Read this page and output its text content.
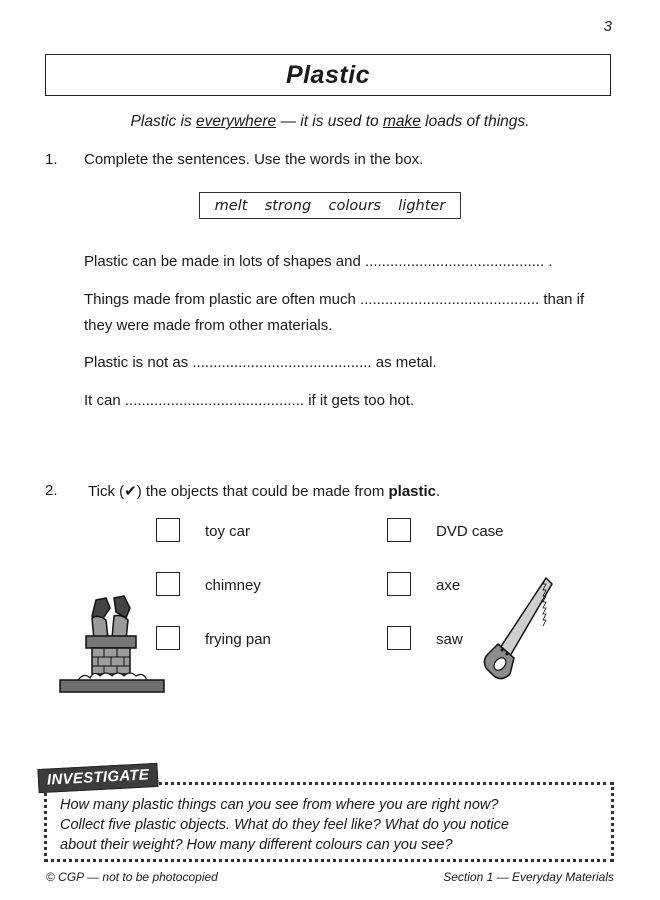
3
Plastic
Plastic is everywhere — it is used to make loads of things.
1. Complete the sentences. Use the words in the box.
melt strong colours lighter
Plastic can be made in lots of shapes and ........................................... .
Things made from plastic are often much ........................................... than if
they were made from other materials.
Plastic is not as ........................................... as metal.
It can ........................................... if it gets too hot.
2. Tick (✔) the objects that could be made from plastic.
toy car	DVD case
chimney	axe
frying pan	saw
INVESTIGATE
How many plastic things can you see from where you are right now?
Collect five plastic objects. What do they feel like? What do you notice
about their weight? How many different colours can you see?
© CGP — not to be photocopied	Section 1 — Everyday Materials
